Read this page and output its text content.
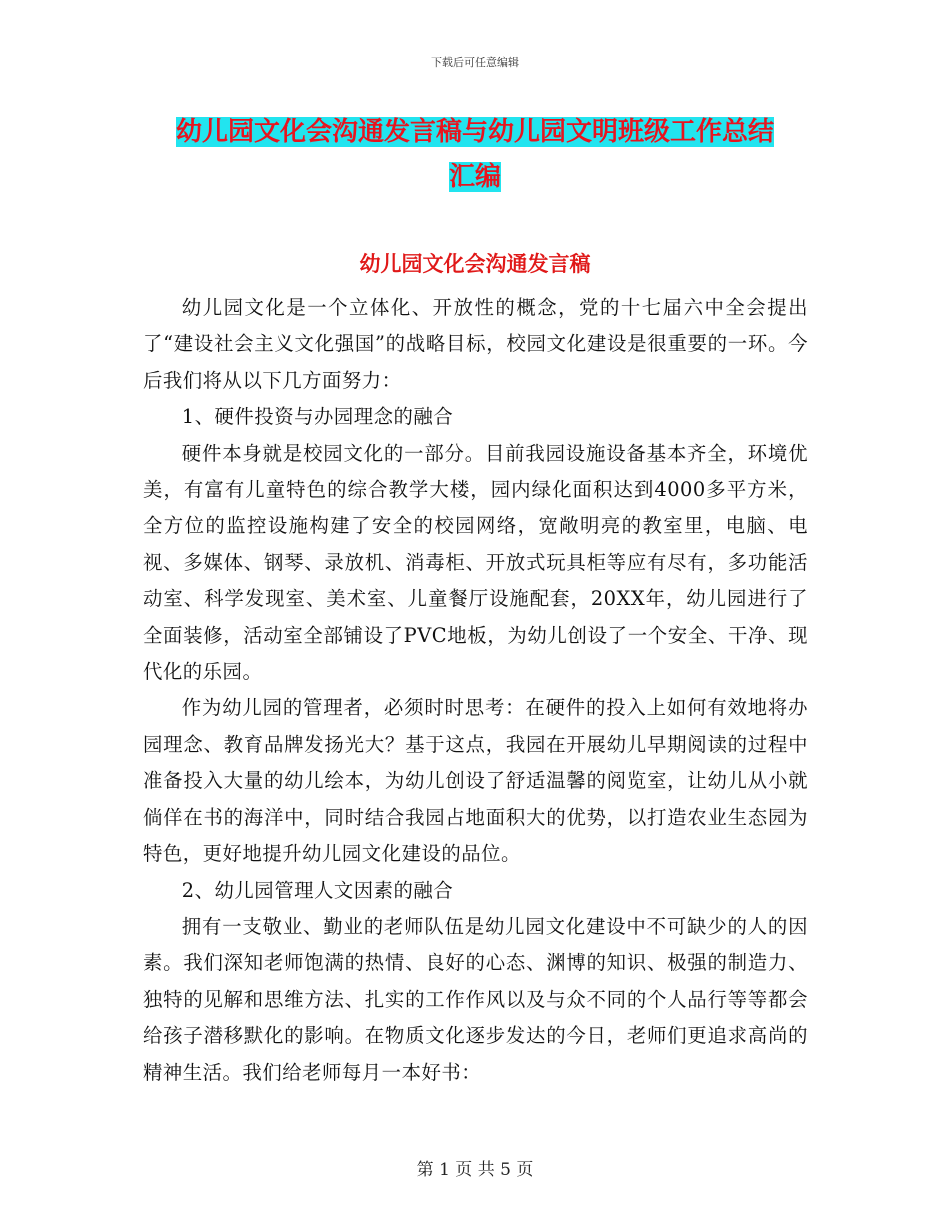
下载后可任意编辑
幼儿园文化会沟通发言稿与幼儿园文明班级工作总结
汇编
幼儿园文化会沟通发言稿

幼儿园文化是一个立体化、开放性的概念，党的十七届六中全会提出了“建设社会主义文化强国”的战略目标，校园文化建设是很重要的一环。今后我们将从以下几方面努力：

1、硬件投资与办园理念的融合

硬件本身就是校园文化的一部分。目前我园设施设备基本齐全，环境优美，有富有儿童特色的综合教学大楼，园内绿化面积达到4000多平方米，全方位的监控设施构建了安全的校园网络，宽敞明亮的教室里，电脑、电视、多媒体、钢琴、录放机、消毒柜、开放式玩具柜等应有尽有，多功能活动室、科学发现室、美术室、儿童餐厅设施配套，20XX年，幼儿园进行了全面装修，活动室全部铺设了PVC地板，为幼儿创设了一个安全、干净、现代化的乐园。

作为幼儿园的管理者，必须时时思考：在硬件的投入上如何有效地将办园理念、教育品牌发扬光大？基于这点，我园在开展幼儿早期阅读的过程中准备投入大量的幼儿绘本，为幼儿创设了舒适温馨的阅览室，让幼儿从小就倘佯在书的海洋中，同时结合我园占地面积大的优势，以打造农业生态园为特色，更好地提升幼儿园文化建设的品位。

2、幼儿园管理人文因素的融合

拥有一支敬业、勤业的老师队伍是幼儿园文化建设中不可缺少的人的因素。我们深知老师饱满的热情、良好的心态、渊博的知识、极强的制造力、独特的见解和思维方法、扎实的工作作风以及与众不同的个人品行等等都会给孩子潜移默化的影响。在物质文化逐步发达的今日，老师们更追求高尚的精神生活。我们给老师每月一本好书：

第 1 页 共 5 页
